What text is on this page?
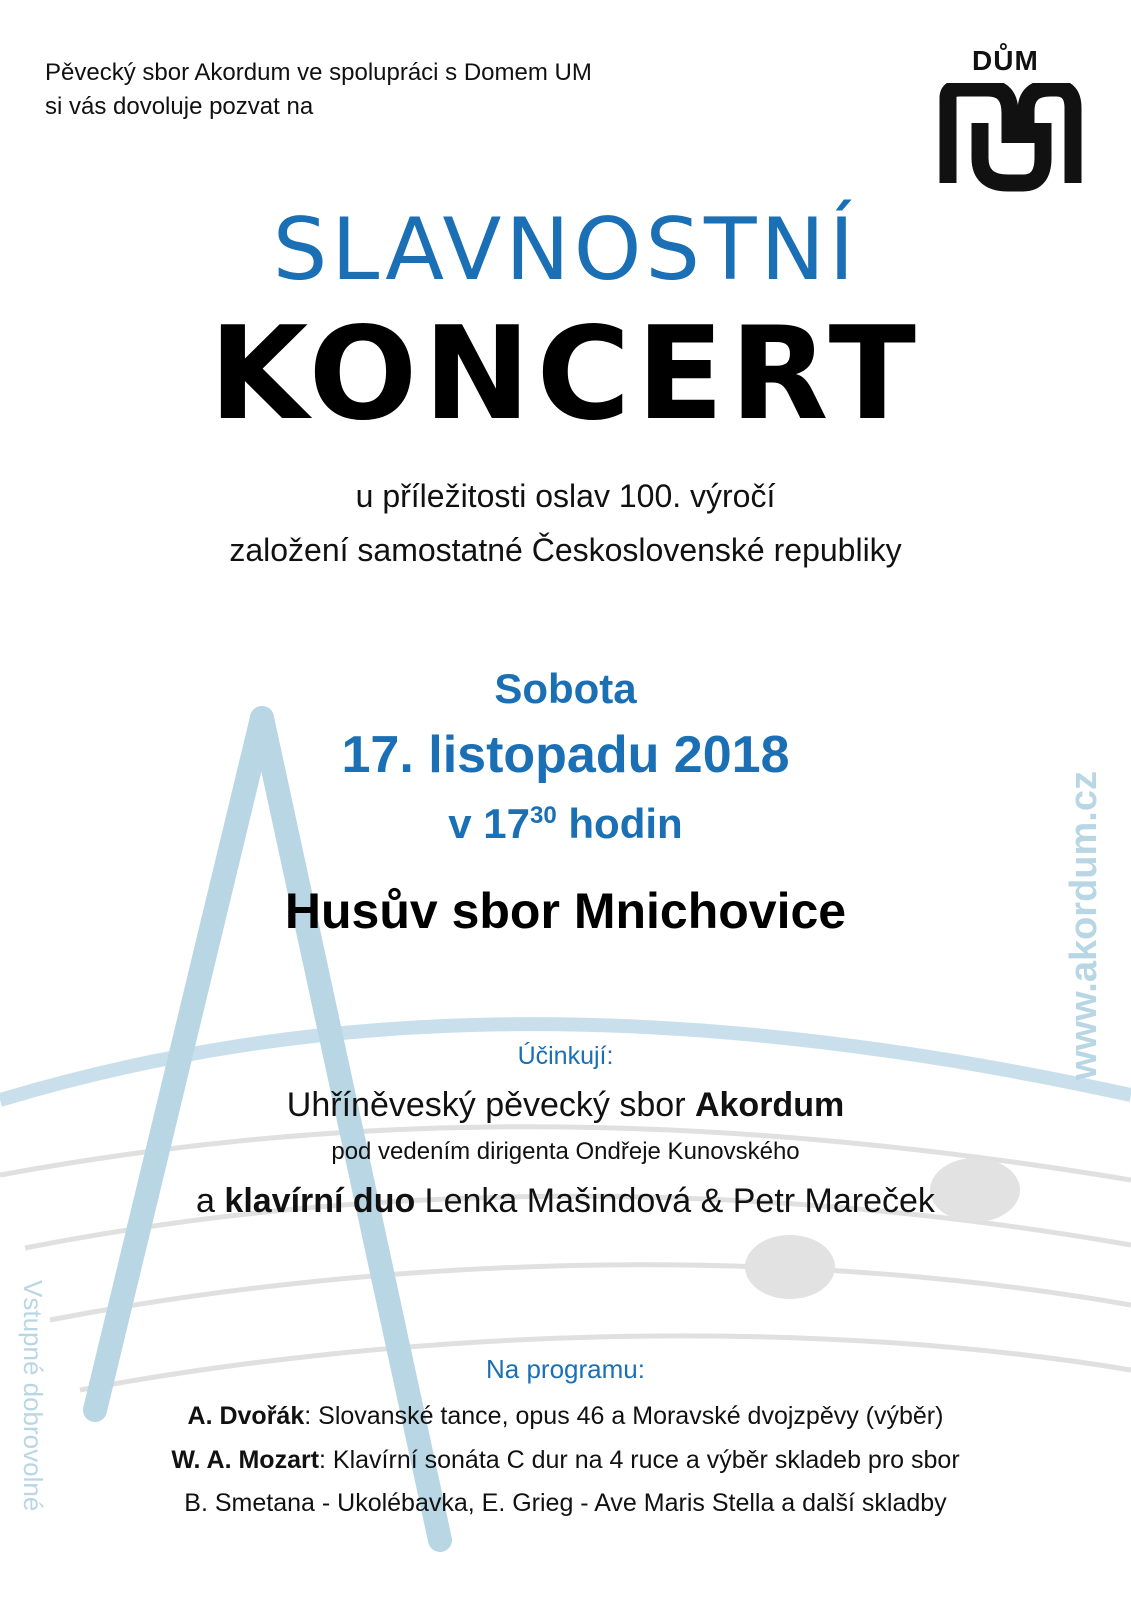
Pěvecký sbor Akordum ve spolupráci s Domem UM
si vás dovoluje pozvat na
DŮM
SLAVNOSTNÍ
KONCERT
u příležitosti oslav 100. výročí
založení samostatné Československé republiky
Sobota
17. listopadu 2018
v $17^{30}$ hodin
Husův sbor Mnichovice
Účinkují:
Uhříněveský pěvecký sbor Akordum
pod vedením dirigenta Ondřeje Kunovského
a klavírní duo Lenka Mašindová & Petr Mareček
Na programu:
A. Dvořák: Slovanské tance, opus 46 a Moravské dvojzpěvy (výběr)
W. A. Mozart: Klavírní sonáta C dur na 4 ruce a výběr skladeb pro sbor
B. Smetana - Ukolébavka, E. Grieg - Ave Maris Stella a další skladby
www.akordum.cz
Vstupné dobrovolné
